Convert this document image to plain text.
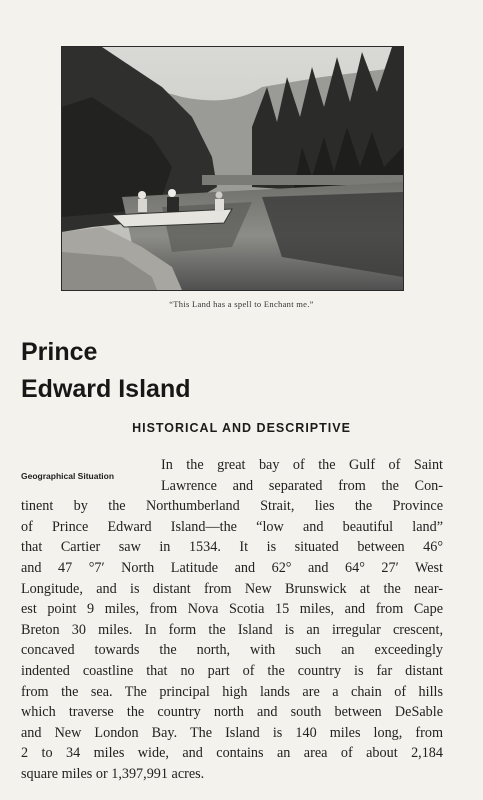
“This Land has a spell to Enchant me.”
Prince
Edward Island
HISTORICAL AND DESCRIPTIVE
Geographical Situation
In the great bay of the Gulf of Saint
Lawrence and separated from the Con-
tinent by the Northumberland Strait, lies the Province
of Prince Edward Island—the “low and beautiful land”
that Cartier saw in 1534. It is situated between 46°
and 47 °7′ North Latitude and 62° and 64° 27′ West
Longitude, and is distant from New Brunswick at the near-
est point 9 miles, from Nova Scotia 15 miles, and from Cape
Breton 30 miles. In form the Island is an irregular crescent,
concaved towards the north, with such an exceedingly
indented coastline that no part of the country is far distant
from the sea. The principal high lands are a chain of hills
which traverse the country north and south between DeSable
and New London Bay. The Island is 140 miles long, from
2 to 34 miles wide, and contains an area of about 2,184
square miles or 1,397,991 acres.
